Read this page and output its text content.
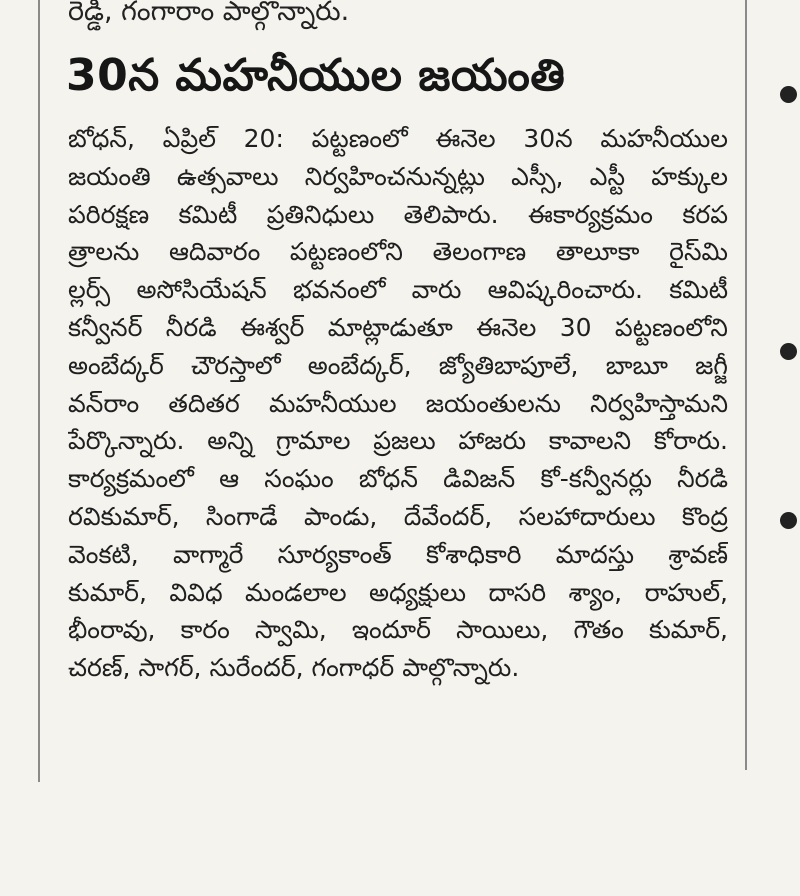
రెడ్డి, గంగారాం పాల్గొన్నారు.
30న మహనీయుల జయంతి
బోధన్, ఏప్రిల్ 20: పట్టణంలో ఈనెల 30న మహనీయుల
జయంతి ఉత్సవాలు నిర్వహించనున్నట్లు ఎస్సీ, ఎస్టీ హక్కుల
పరిరక్షణ కమిటీ ప్రతినిధులు తెలిపారు. ఈకార్యక్రమం కరప
త్రాలను ఆదివారం పట్టణంలోని తెలంగాణ తాలూకా రైస్‌మి
ల్లర్స్ అసోసియేషన్ భవనంలో వారు ఆవిష్కరించారు. కమిటీ
కన్వీనర్ నీరడి ఈశ్వర్ మాట్లాడుతూ ఈనెల 30 పట్టణంలోని
అంబేద్కర్ చౌరస్తాలో అంబేద్కర్, జ్యోతిబాపూలే, బాబూ జగ్జీ
వన్‌రాం తదితర మహనీయుల జయంతులను నిర్వహిస్తామని
పేర్కొన్నారు. అన్ని గ్రామాల ప్రజలు హాజరు కావాలని కోరారు.
కార్యక్రమంలో ఆ సంఘం బోధన్ డివిజన్ కో-కన్వీనర్లు నీరడి
రవికుమార్, సింగాడే పాండు, దేవేందర్, సలహాదారులు కొంద్ర
వెంకటి, వాగ్మారే సూర్యకాంత్ కోశాధికారి మాదస్తు శ్రావణ్
కుమార్, వివిధ మండలాల అధ్యక్షులు దాసరి శ్యాం, రాహుల్,
భీంరావు, కారం స్వామి, ఇందూర్ సాయిలు, గౌతం కుమార్,
చరణ్, సాగర్, సురేందర్, గంగాధర్ పాల్గొన్నారు.
